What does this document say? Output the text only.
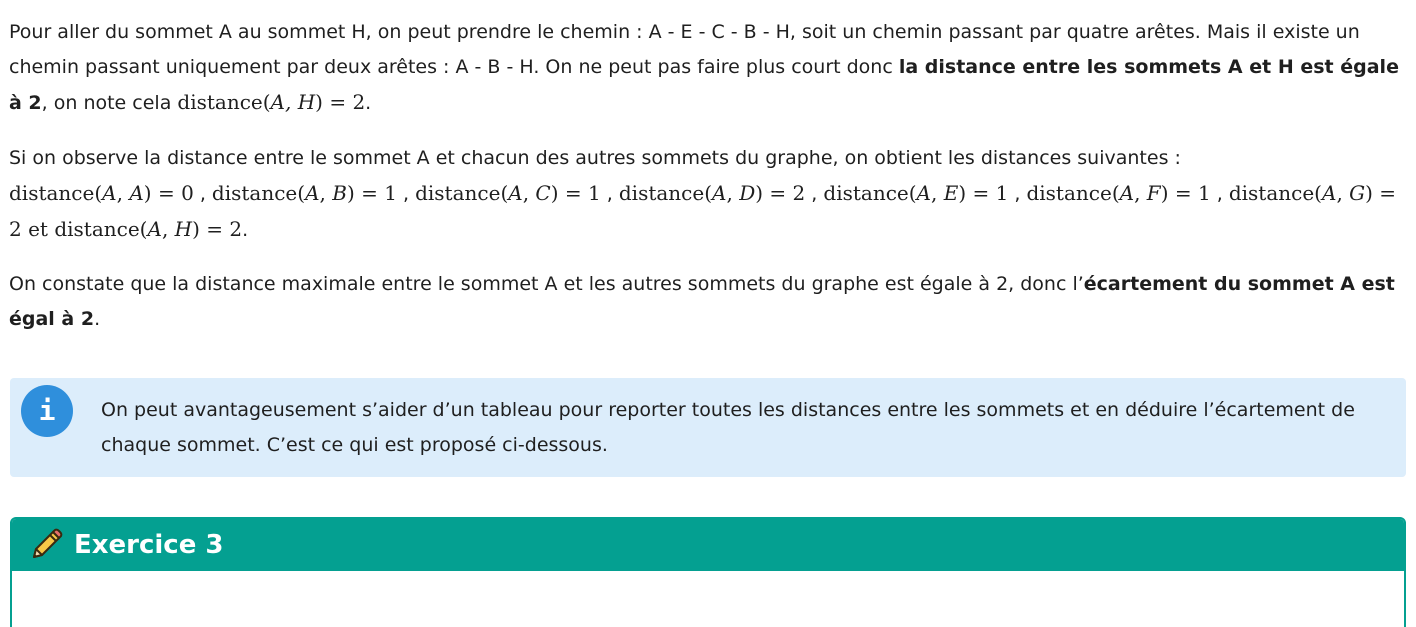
Pour aller du sommet A au sommet H, on peut prendre le chemin : A - E - C - B - H, soit un chemin passant par quatre arêtes. Mais il existe un chemin passant uniquement par deux arêtes : A - B - H. On ne peut pas faire plus court donc la distance entre les sommets A et H est égale à 2, on note cela distance(A, H) = 2.

Si on observe la distance entre le sommet A et chacun des autres sommets du graphe, on obtient les distances suivantes :
distance(A, A) = 0 , distance(A, B) = 1 , distance(A, C) = 1 , distance(A, D) = 2 , distance(A, E) = 1 , distance(A, F) = 1 , distance(A, G) = 2 et distance(A, H) = 2.

On constate que la distance maximale entre le sommet A et les autres sommets du graphe est égale à 2, donc l’écartement du sommet A est égal à 2.

i	On peut avantageusement s’aider d’un tableau pour reporter toutes les distances entre les sommets et en déduire l’écartement de chaque sommet. C’est ce qui est proposé ci-dessous.
Exercice 3
